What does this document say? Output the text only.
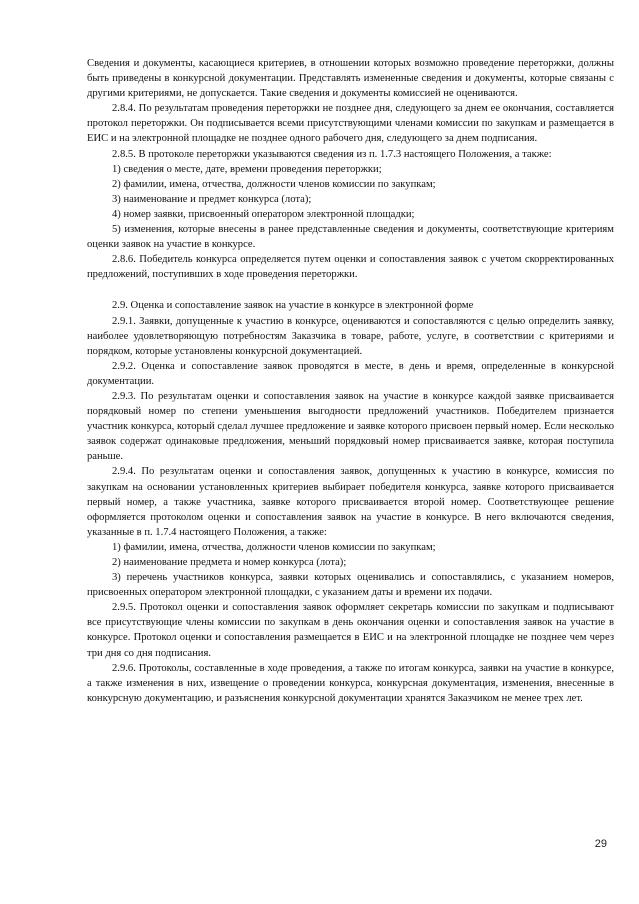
Сведения и документы, касающиеся критериев, в отношении которых возможно проведение переторжки, должны быть приведены в конкурсной документации. Представлять измененные сведения и документы, которые связаны с другими критериями, не допускается. Такие сведения и документы комиссией не оцениваются.

2.8.4. По результатам проведения переторжки не позднее дня, следующего за днем ее окончания, составляется протокол переторжки. Он подписывается всеми присутствующими членами комиссии по закупкам и размещается в ЕИС и на электронной площадке не позднее одного рабочего дня, следующего за днем подписания.

2.8.5. В протоколе переторжки указываются сведения из п. 1.7.3 настоящего Положения, а также:

1) сведения о месте, дате, времени проведения переторжки;

2) фамилии, имена, отчества, должности членов комиссии по закупкам;

3) наименование и предмет конкурса (лота);

4) номер заявки, присвоенный оператором электронной площадки;

5) изменения, которые внесены в ранее представленные сведения и документы, соответствующие критериям оценки заявок на участие в конкурсе.

2.8.6. Победитель конкурса определяется путем оценки и сопоставления заявок с учетом скорректированных предложений, поступивших в ходе проведения переторжки.

2.9. Оценка и сопоставление заявок на участие в конкурсе в электронной форме

2.9.1. Заявки, допущенные к участию в конкурсе, оцениваются и сопоставляются с целью определить заявку, наиболее удовлетворяющую потребностям Заказчика в товаре, работе, услуге, в соответствии с критериями и порядком, которые установлены конкурсной документацией.

2.9.2. Оценка и сопоставление заявок проводятся в месте, в день и время, определенные в конкурсной документации.

2.9.3. По результатам оценки и сопоставления заявок на участие в конкурсе каждой заявке присваивается порядковый номер по степени уменьшения выгодности предложений участников. Победителем признается участник конкурса, который сделал лучшее предложение и заявке которого присвоен первый номер. Если несколько заявок содержат одинаковые предложения, меньший порядковый номер присваивается заявке, которая поступила раньше.

2.9.4. По результатам оценки и сопоставления заявок, допущенных к участию в конкурсе, комиссия по закупкам на основании установленных критериев выбирает победителя конкурса, заявке которого присваивается первый номер, а также участника, заявке которого присваивается второй номер. Соответствующее решение оформляется протоколом оценки и сопоставления заявок на участие в конкурсе. В него включаются сведения, указанные в п. 1.7.4 настоящего Положения, а также:

1) фамилии, имена, отчества, должности членов комиссии по закупкам;

2) наименование предмета и номер конкурса (лота);

3) перечень участников конкурса, заявки которых оценивались и сопоставлялись, с указанием номеров, присвоенных оператором электронной площадки, с указанием даты и времени их подачи.

2.9.5. Протокол оценки и сопоставления заявок оформляет секретарь комиссии по закупкам и подписывают все присутствующие члены комиссии по закупкам в день окончания оценки и сопоставления заявок на участие в конкурсе. Протокол оценки и сопоставления размещается в ЕИС и на электронной площадке не позднее чем через три дня со дня подписания.

2.9.6. Протоколы, составленные в ходе проведения, а также по итогам конкурса, заявки на участие в конкурсе, а также изменения в них, извещение о проведении конкурса, конкурсная документация, изменения, внесенные в конкурсную документацию, и разъяснения конкурсной документации хранятся Заказчиком не менее трех лет.

29
